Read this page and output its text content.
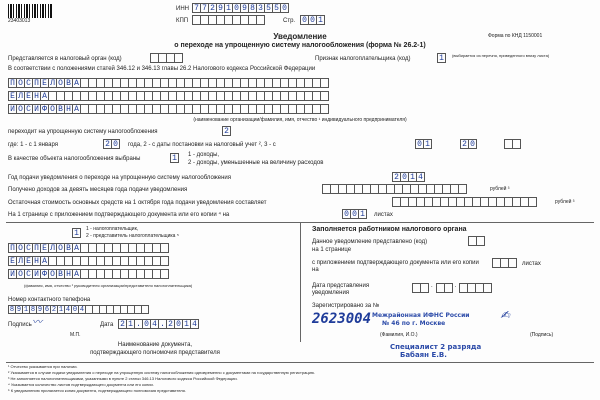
23403013
ИНН 7 7 2 9 1 0 9 8 3 5 5 0
КПП	Стр. 0 0 1
Форма по КНД 1150001
Уведомление
о переходе на упрощенную систему налогообложения (форма № 26.2-1)
Представляется в налоговый орган (код)	Признак налогоплательщика (код)	1	(выбирается из перечня, приведенного внизу листа)
В соответствии с положениями статей 346.12 и 346.13 главы 26.2 Налогового кодекса Российской Федерации
П О С П Е Л О В А
Е Л Е Н А
И О С И Ф О В Н А
(наименование организации/фамилия, имя, отчество ¹ индивидуального предпринимателя)
переходит на упрощенную систему налогообложения	2
где: 1 - с 1 января	2 0	года, 2 - с даты постановки на налоговый учет ², 3 - с	0 1	2 0
В качестве объекта налогообложения выбраны	1	1 - доходы,
2 - доходы, уменьшенные на величину расходов
Год подачи уведомления о переходе на упрощенную систему налогообложения	2 0 1 4
Получено доходов за девять месяцев года подачи уведомления	рублей ³
Остаточная стоимость основных средств на 1 октября года подачи уведомления составляет	рублей ³
На 1 странице с приложением подтверждающего документа или его копии ⁴ на	0 0 1	листах
1	1 - налогоплательщик,
2 - представитель налогоплательщика ⁵
П О С П Е Л О В А
Е Л Е Н А
И О С И Ф О В Н А
(фамилия, имя, отчество ¹ руководителя организации/представителя налогоплательщика)
Номер контактного телефона
8 9 1 8 9 6 2 1 4 0 4
Подпись 〰︎	Дата 2 1 . 0 4 . 2 0 1 4
М.П.
Наименование документа,
подтверждающего полномочия представителя
Заполняется работником налогового органа
Данное уведомление представлено (код)
на 1 странице
с приложением подтверждающего документа или его копии на
листах
Дата представления уведомления
.	.
Зарегистрировано за №
2623004 Межрайонная ИФНС России
№ 46 по г. Москве
✍︎
(Фамилия, И.О.)	(Подпись)
Специалист 2 разряда
Бабаян Е.В.
¹ Отчество указывается при наличии.
² Указывается в случае подачи уведомления о переходе на упрощенную систему налогообложения одновременно с документами на государственную регистрацию.
³ Не заполняется налогоплательщиками, указанными в пункте 2 статьи 346.13 Налогового кодекса Российской Федерации.
⁴ Указывается количество листов подтверждающего документа или его копии.
⁵ К уведомлению прилагается копия документа, подтверждающего полномочия представителя.
